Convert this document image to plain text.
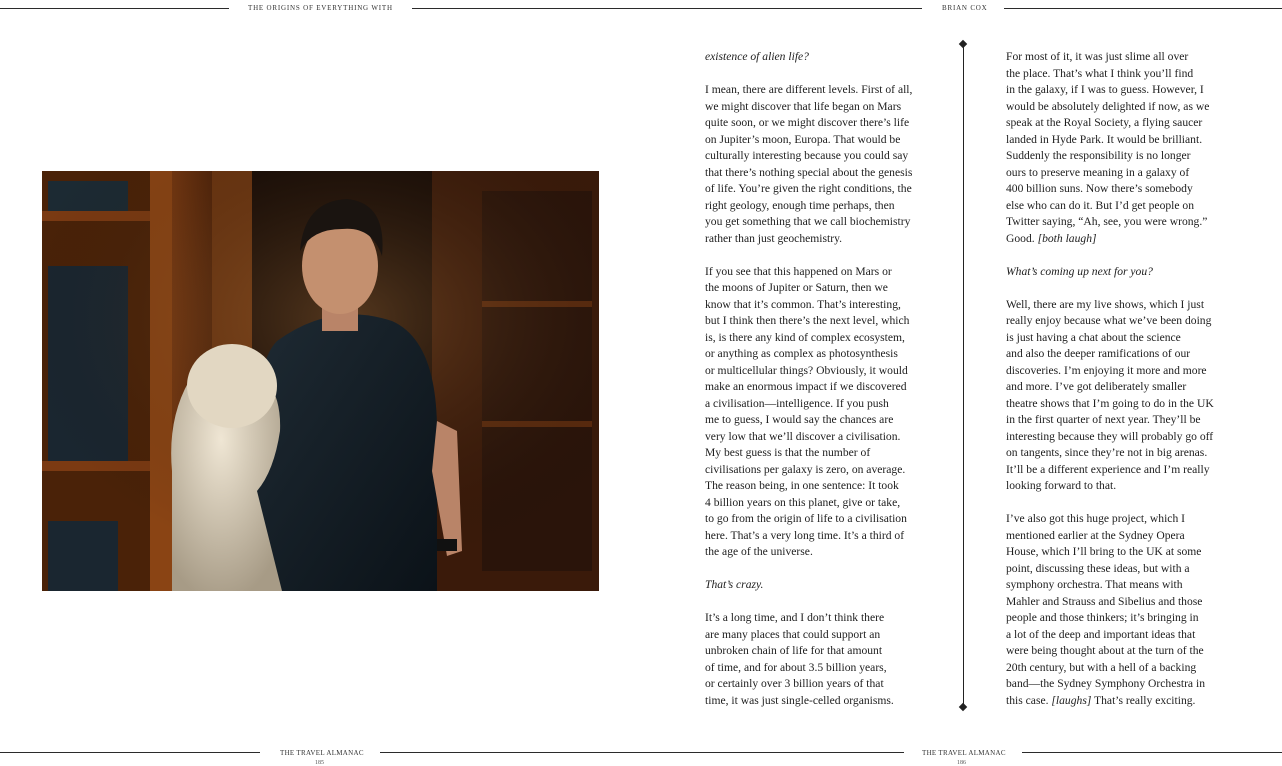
THE ORIGINS OF EVERYTHING WITH	BRIAN COX

existence of alien life?

I mean, there are different levels. First of all,
we might discover that life began on Mars
quite soon, or we might discover there’s life
on Jupiter’s moon, Europa. That would be
culturally interesting because you could say
that there’s nothing special about the genesis
of life. You’re given the right conditions, the
right geology, enough time perhaps, then
you get something that we call biochemistry
rather than just geochemistry.

If you see that this happened on Mars or
the moons of Jupiter or Saturn, then we
know that it’s common. That’s interesting,
but I think then there’s the next level, which
is, is there any kind of complex ecosystem,
or anything as complex as photosynthesis
or multicellular things? Obviously, it would
make an enormous impact if we discovered
a civilisation—intelligence. If you push
me to guess, I would say the chances are
very low that we’ll discover a civilisation.
My best guess is that the number of
civilisations per galaxy is zero, on average.
The reason being, in one sentence: It took
4 billion years on this planet, give or take,
to go from the origin of life to a civilisation
here. That’s a very long time. It’s a third of
the age of the universe.

That’s crazy.

It’s a long time, and I don’t think there
are many places that could support an
unbroken chain of life for that amount
of time, and for about 3.5 billion years,
or certainly over 3 billion years of that
time, it was just single-celled organisms.

For most of it, it was just slime all over
the place. That’s what I think you’ll find
in the galaxy, if I was to guess. However, I
would be absolutely delighted if now, as we
speak at the Royal Society, a flying saucer
landed in Hyde Park. It would be brilliant.
Suddenly the responsibility is no longer
ours to preserve meaning in a galaxy of
400 billion suns. Now there’s somebody
else who can do it. But I’d get people on
Twitter saying, “Ah, see, you were wrong.”
Good. [both laugh]

What’s coming up next for you?

Well, there are my live shows, which I just
really enjoy because what we’ve been doing
is just having a chat about the science
and also the deeper ramifications of our
discoveries. I’m enjoying it more and more
and more. I’ve got deliberately smaller
theatre shows that I’m going to do in the UK
in the first quarter of next year. They’ll be
interesting because they will probably go off
on tangents, since they’re not in big arenas.
It’ll be a different experience and I’m really
looking forward to that.

I’ve also got this huge project, which I
mentioned earlier at the Sydney Opera
House, which I’ll bring to the UK at some
point, discussing these ideas, but with a
symphony orchestra. That means with
Mahler and Strauss and Sibelius and those
people and those thinkers; it’s bringing in
a lot of the deep and important ideas that
were being thought about at the turn of the
20th century, but with a hell of a backing
band—the Sydney Symphony Orchestra in
this case. [laughs] That’s really exciting.

THE TRAVEL ALMANAC
185
THE TRAVEL ALMANAC
186
